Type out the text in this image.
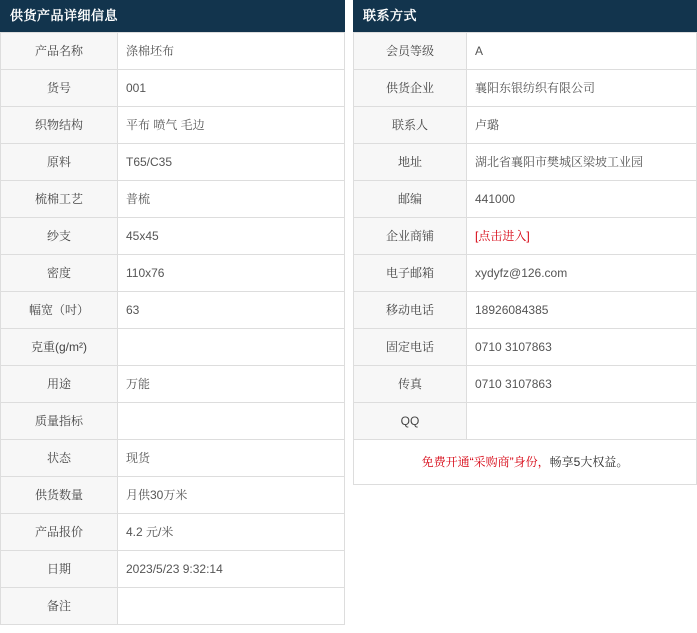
供货产品详细信息
产品名称	涤棉坯布
货号	001
织物结构	平布 喷气 毛边
原料	T65/C35
梳棉工艺	普梳
纱支	45x45
密度	110x76
幅宽（吋）	63
克重(g/m²)	
用途	万能
质量指标	
状态	现货
供货数量	月供30万米
产品报价	4.2 元/米
日期	2023/5/23 9:32:14
备注	
联系方式
会员等级	A
供货企业	襄阳东银纺织有限公司
联系人	卢璐
地址	湖北省襄阳市樊城区梁坡工业园
邮编	441000
企业商铺	[点击进入]
电子邮箱	xydyfz@126.com
移动电话	18926084385
固定电话	0710 3107863
传真	0710 3107863
QQ	
免费开通“采购商”身份，畅享5大权益。
